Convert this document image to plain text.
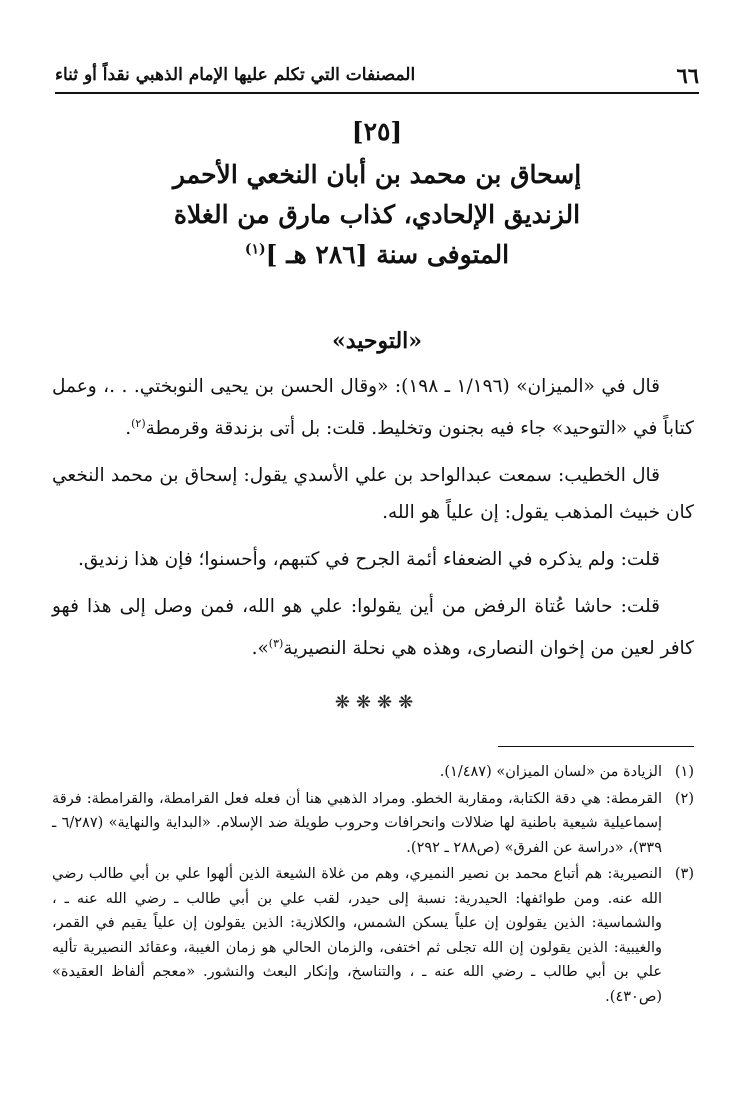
٦٦
المصنفات التي تكلم عليها الإمام الذهبي نقداً أو ثناء
[٢٥]
إسحاق بن محمد بن أبان النخعي الأحمر
الزنديق الإلحادي، كذاب مارق من الغلاة
المتوفى سنة [٢٨٦ هـ ]$^{(١)}$
«التوحيد»

قال في «الميزان» (١/١٩٦ ـ ١٩٨): «وقال الحسن بن يحيى النوبختي. . .، وعمل كتاباً في «التوحيد» جاء فيه بجنون وتخليط. قلت: بل أتى بزندقة وقرمطة$^{(٢)}$.

قال الخطيب: سمعت عبدالواحد بن علي الأسدي يقول: إسحاق بن محمد النخعي كان خبيث المذهب يقول: إن علياً هو الله.

قلت: ولم يذكره في الضعفاء أئمة الجرح في كتبهم، وأحسنوا؛ فإن هذا زنديق.

قلت: حاشا عُتاة الرفض من أين يقولوا: علي هو الله، فمن وصل إلى هذا فهو كافر لعين من إخوان النصارى، وهذه هي نحلة النصيرية$^{(٣)}$».

❋❋❋❋
(١)
الزيادة من «لسان الميزان» (١/٤٨٧).
(٢)
القرمطة: هي دقة الكتابة، ومقاربة الخطو. ومراد الذهبي هنا أن فعله فعل القرامطة، والقرامطة: فرقة إسماعيلية شيعية باطنية لها ضلالات وانحرافات وحروب طويلة ضد الإسلام. «البداية والنهاية» (٦/٢٨٧ ـ ٣٣٩)، «دراسة عن الفرق» (ص٢٨٨ ـ ٢٩٢).
(٣)
النصيرية: هم أتباع محمد بن نصير النميري، وهم من غلاة الشيعة الذين ألهوا علي بن أبي طالب رضي الله عنه. ومن طوائفها: الحيدرية: نسبة إلى حيدر، لقب علي بن أبي طالب ـ رضي الله عنه ـ ، والشماسية: الذين يقولون إن علياً يسكن الشمس، والكلازية: الذين يقولون إن علياً يقيم في القمر، والغيبية: الذين يقولون إن الله تجلى ثم اختفى، والزمان الحالي هو زمان الغيبة، وعقائد النصيرية تأليه علي بن أبي طالب ـ رضي الله عنه ـ ، والتناسخ، وإنكار البعث والنشور. «معجم ألفاظ العقيدة» (ص٤٣٠).
